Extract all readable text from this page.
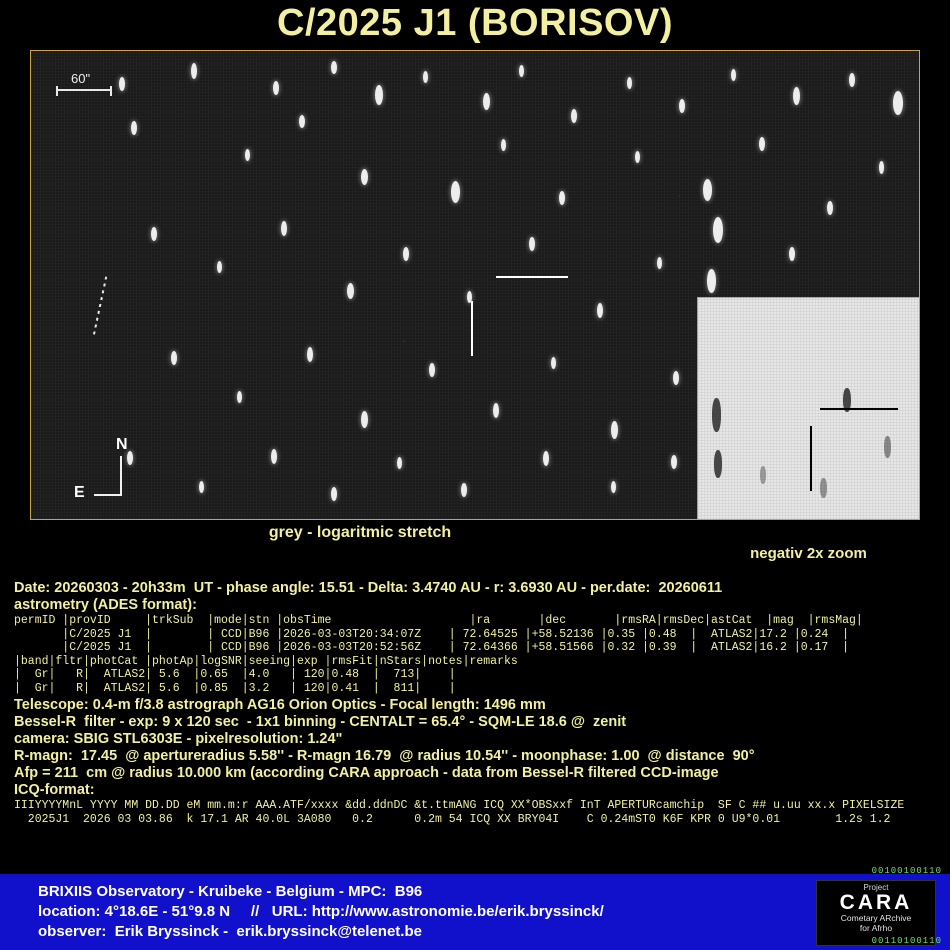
C/2025 J1 (BORISOV)
60"
N
E
grey - logaritmic stretch
negativ 2x zoom
Date: 20260303 - 20h33m  UT - phase angle: 15.51 - Delta: 3.4740 AU - r: 3.6930 AU - per.date:  20260611
astrometry (ADES format):
permID |provID     |trkSub  |mode|stn |obsTime                    |ra       |dec       |rmsRA|rmsDec|astCat  |mag  |rmsMag|
|C/2025 J1  |        | CCD|B96 |2026-03-03T20:34:07Z    | 72.64525 |+58.52136 |0.35 |0.48  |  ATLAS2|17.2 |0.24  |
|C/2025 J1  |        | CCD|B96 |2026-03-03T20:52:56Z    | 72.64366 |+58.51566 |0.32 |0.39  |  ATLAS2|16.2 |0.17  |
|band|fltr|photCat |photAp|logSNR|seeing|exp |rmsFit|nStars|notes|remarks
|  Gr|   R|  ATLAS2| 5.6  |0.65  |4.0   | 120|0.48  |  713|    |
|  Gr|   R|  ATLAS2| 5.6  |0.85  |3.2   | 120|0.41  |  811|    |
Telescope: 0.4-m f/3.8 astrograph AG16 Orion Optics - Focal length: 1496 mm
Bessel-R  filter - exp: 9 x 120 sec  - 1x1 binning - CENTALT = 65.4° - SQM-LE 18.6 @  zenit
camera: SBIG STL6303E - pixelresolution: 1.24"
R-magn:  17.45  @ apertureradius 5.58'' - R-magn 16.79  @ radius 10.54'' - moonphase: 1.00  @ distance  90°
Afp = 211  cm @ radius 10.000 km (according CARA approach - data from Bessel-R filtered CCD-image
ICQ-format:
IIIYYYYMnL YYYY MM DD.DD eM mm.m:r AAA.ATF/xxxx &dd.ddnDC &t.ttmANG ICQ XX*OBSxxf InT APERTURcamchip  SF C ## u.uu xx.x PIXELSIZE
2025J1  2026 03 03.86  k 17.1 AR 40.0L 3A080   0.2      0.2m 54 ICQ XX BRY04I    C 0.24mST0 K6F KPR 0 U9*0.01        1.2s 1.2
BRIXIIS Observatory - Kruibeke - Belgium - MPC:  B96
location: 4°18.6E - 51°9.8 N     //   URL: http://www.astronomie.be/erik.bryssinck/
observer:  Erik Bryssinck -  erik.bryssinck@telenet.be
Project
CARA
Cometary ARchive
for Afrho
00100100110
00110100110
